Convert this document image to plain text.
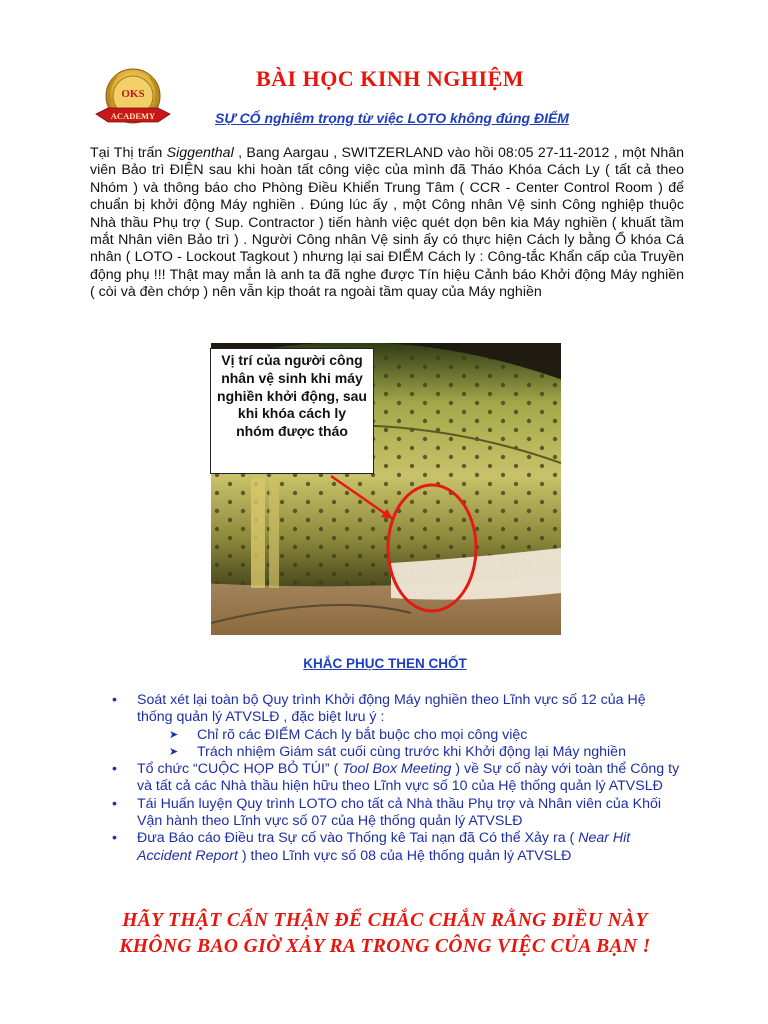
OKS
ACADEMY
BÀI HỌC KINH NGHIỆM
SỰ CỐ nghiêm trọng từ việc LOTO không đúng ĐIỂM
Tại Thị trấn Siggenthal , Bang Aargau , SWITZERLAND vào hồi 08:05 27-11-2012 , một Nhân viên Bảo trì ĐIỆN sau khi hoàn tất công việc của mình đã Tháo Khóa Cách Ly ( tất cả theo Nhóm ) và thông báo cho Phòng Điều Khiển Trung Tâm ( CCR - Center Control Room ) để chuẩn bị khởi động Máy nghiền . Đúng lúc ấy , một Công nhân Vệ sinh Công nghiệp thuộc Nhà thầu Phụ trợ ( Sup. Contractor ) tiến hành việc quét dọn bên kia Máy nghiền ( khuất tầm mắt Nhân viên Bảo trì ) . Người Công nhân Vệ sinh ấy có thực hiện Cách ly bằng Ổ khóa Cá nhân ( LOTO - Lockout Tagkout ) nhưng lại sai ĐIỂM Cách ly : Công-tắc Khẩn cấp của Truyền động phụ !!! Thật may mắn là anh ta đã nghe được Tín hiệu Cảnh báo Khởi động Máy nghiền ( còi và đèn chớp ) nên vẫn kịp thoát ra ngoài tầm quay của Máy nghiền
Vị trí của người công nhân vệ sinh khi máy nghiền khởi động, sau khi khóa cách ly nhóm được tháo
KHẮC PHỤC THEN CHỐT
• Soát xét lại toàn bộ Quy trình Khởi động Máy nghiền theo Lĩnh vực số 12 của Hệ thống quản lý ATVSLĐ , đặc biệt lưu ý :
➤ Chỉ rõ các ĐIỂM Cách ly bắt buộc cho mọi công việc
➤ Trách nhiệm Giám sát cuối cùng trước khi Khởi động lại Máy nghiền
• Tổ chức “CUỘC HỌP BỎ TÚI” ( Tool Box Meeting ) về Sự cố này với toàn thể Công ty và tất cả các Nhà thầu hiện hữu theo Lĩnh vực số 10 của Hệ thống quản lý ATVSLĐ
• Tái Huấn luyện Quy trình LOTO cho tất cả Nhà thầu Phụ trợ và Nhân viên của Khối Vận hành theo Lĩnh vực số 07 của Hệ thống quản lý ATVSLĐ
• Đưa Báo cáo Điều tra Sự cố vào Thống kê Tai nạn đã Có thể Xảy ra ( Near Hit Accident Report ) theo Lĩnh vực số 08 của Hệ thống quản lý ATVSLĐ
HÃY THẬT CẨN THẬN ĐỂ CHẮC CHẮN RẰNG ĐIỀU NÀY
KHÔNG BAO GIỜ XẢY RA TRONG CÔNG VIỆC CỦA BẠN !
